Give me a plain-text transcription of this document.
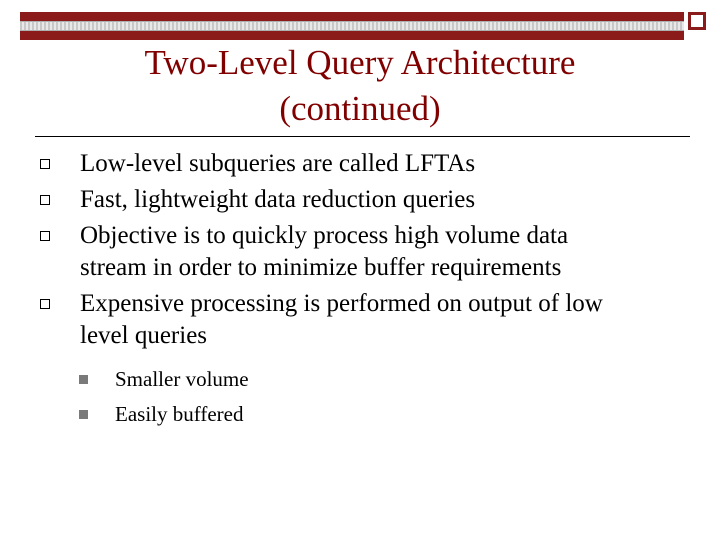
Two-Level Query Architecture
(continued)
Low-level subqueries are called LFTAs
Fast, lightweight data reduction queries
Objective is to quickly process high volume data
stream in order to minimize buffer requirements
Expensive processing is performed on output of low
level queries
Smaller volume
Easily buffered
